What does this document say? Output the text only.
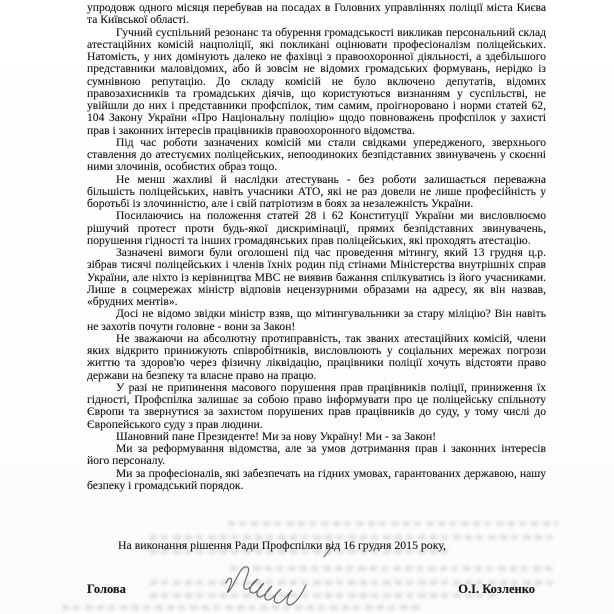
упродовж одного місяця перебував на посадах в Головних управліннях поліції міста Києва та Київської області.

Гучний суспільний резонанс та обурення громадськості викликав персональний склад атестаційних комісій нацполіції, які покликані оцінювати професіоналізм поліцейських. Натомість, у них домінують далеко не фахівці з правоохоронної діяльності, а здебільшого представники маловідомих, або й зовсім не відомих громадських формувань, нерідко із сумнівною репутацію. До складу комісій не було включено депутатів, відомих правозахисників та громадських діячів, що користуються визнанням у суспільстві, не увійшли до них і представники профспілок, тим самим, проігноровано і норми статей 62, 104 Закону України «Про Національну поліцію» щодо повноважень профспілок у захисті прав і законних інтересів працівників правоохоронного відомства.

Під час роботи зазначених комісій ми стали свідками упередженого, зверхнього ставлення до атестуємих поліцейських, непоодиноких безпідставних звинувачень у скоєнні ними злочинів, особистих образ тощо.

Не менш жахливі й наслідки атестувань - без роботи залишається переважна більшість поліцейських, навіть учасники АТО, які не раз довели не лише професійність у боротьбі із злочинністю, але і свій патріотизм в боях за незалежність України.

Посилаючись на положення статей 28 і 62 Конституції України ми висловлюємо рішучий протест проти будь-якої дискримінації, прямих безпідставних звинувачень, порушення гідності та інших громадянських прав поліцейських, які проходять атестацію.

Зазначені вимоги були оголошені під час проведення мітингу, який 13 грудня ц.р. зібрав тисячі поліцейських і членів їхніх родин під стінами Міністерства внутрішніх справ України, але ніхто із керівництва МВС не виявив бажання спілкуватись із його учасниками. Лише в соцмережах міністр відповів нецензурними образами на адресу, як він назвав, «брудних ментів».

Досі не відомо звідки міністр взяв, що мітингувальники за стару міліцію? Він навіть не захотів почути головне - вони за Закон!

Не зважаючи на абсолютну протиправність, так званих атестаційних комісій, члени яких відкрито принижують співробітників, висловлюють у соціальних мережах погрози життю та здоров'ю через фізичну ліквідацію, працівники поліції хочуть відстояти право держави на безпеку та власне право на працю.

У разі не припинення масового порушення прав працівників поліції, приниження їх гідності, Профспілка залишає за собою право інформувати про це поліцейську спільноту Європи та звернутися за захистом порушених прав працівників до суду, у тому числі до Європейського суду з прав людини.

Шановний пане Президенте! Ми за нову Україну! Ми - за Закон!

Ми за реформування відомства, але за умов дотримання прав і законних інтересів його персоналу.

Ми за професіоналів, які забезпечать на гідних умовах, гарантованих державою, нашу безпеку і громадський порядок.

На виконання рішення Ради Профспілки від 16 грудня 2015 року,
Голова	О.І. Козленко
